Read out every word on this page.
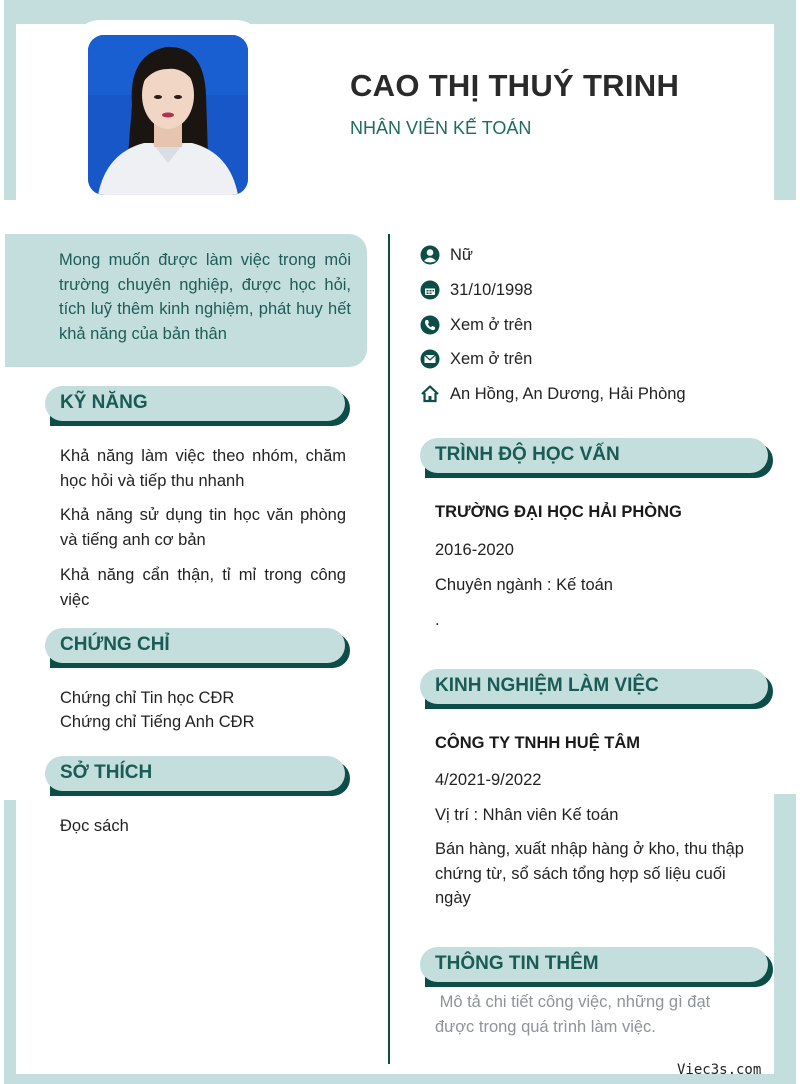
CAO THỊ THUÝ TRINH
NHÂN VIÊN KẾ TOÁN

Mong muốn được làm việc trong môi trường chuyên nghiệp, được học hỏi, tích luỹ thêm kinh nghiệm, phát huy hết khả năng của bản thân

KỸ NĂNG
Khả năng làm việc theo nhóm, chăm học hỏi và tiếp thu nhanh
Khả năng sử dụng tin học văn phòng và tiếng anh cơ bản
Khả năng cẩn thận, tỉ mỉ trong công việc
CHỨNG CHỈ
Chứng chỉ Tin học CĐR
Chứng chỉ Tiếng Anh CĐR
SỞ THÍCH
Đọc sách
Nữ
31/10/1998
Xem ở trên
Xem ở trên
An Hồng, An Dương, Hải Phòng
TRÌNH ĐỘ HỌC VẤN
TRƯỜNG ĐẠI HỌC HẢI PHÒNG
2016-2020
Chuyên ngành : Kế toán
.
KINH NGHIỆM LÀM VIỆC
CÔNG TY TNHH HUỆ TÂM
4/2021-9/2022
Vị trí : Nhân viên Kế toán
Bán hàng, xuất nhập hàng ở kho, thu thập chứng từ, sổ sách tổng hợp số liệu cuối ngày
THÔNG TIN THÊM
Mô tả chi tiết công việc, những gì đạt được trong quá trình làm việc.
Viec3s.com
